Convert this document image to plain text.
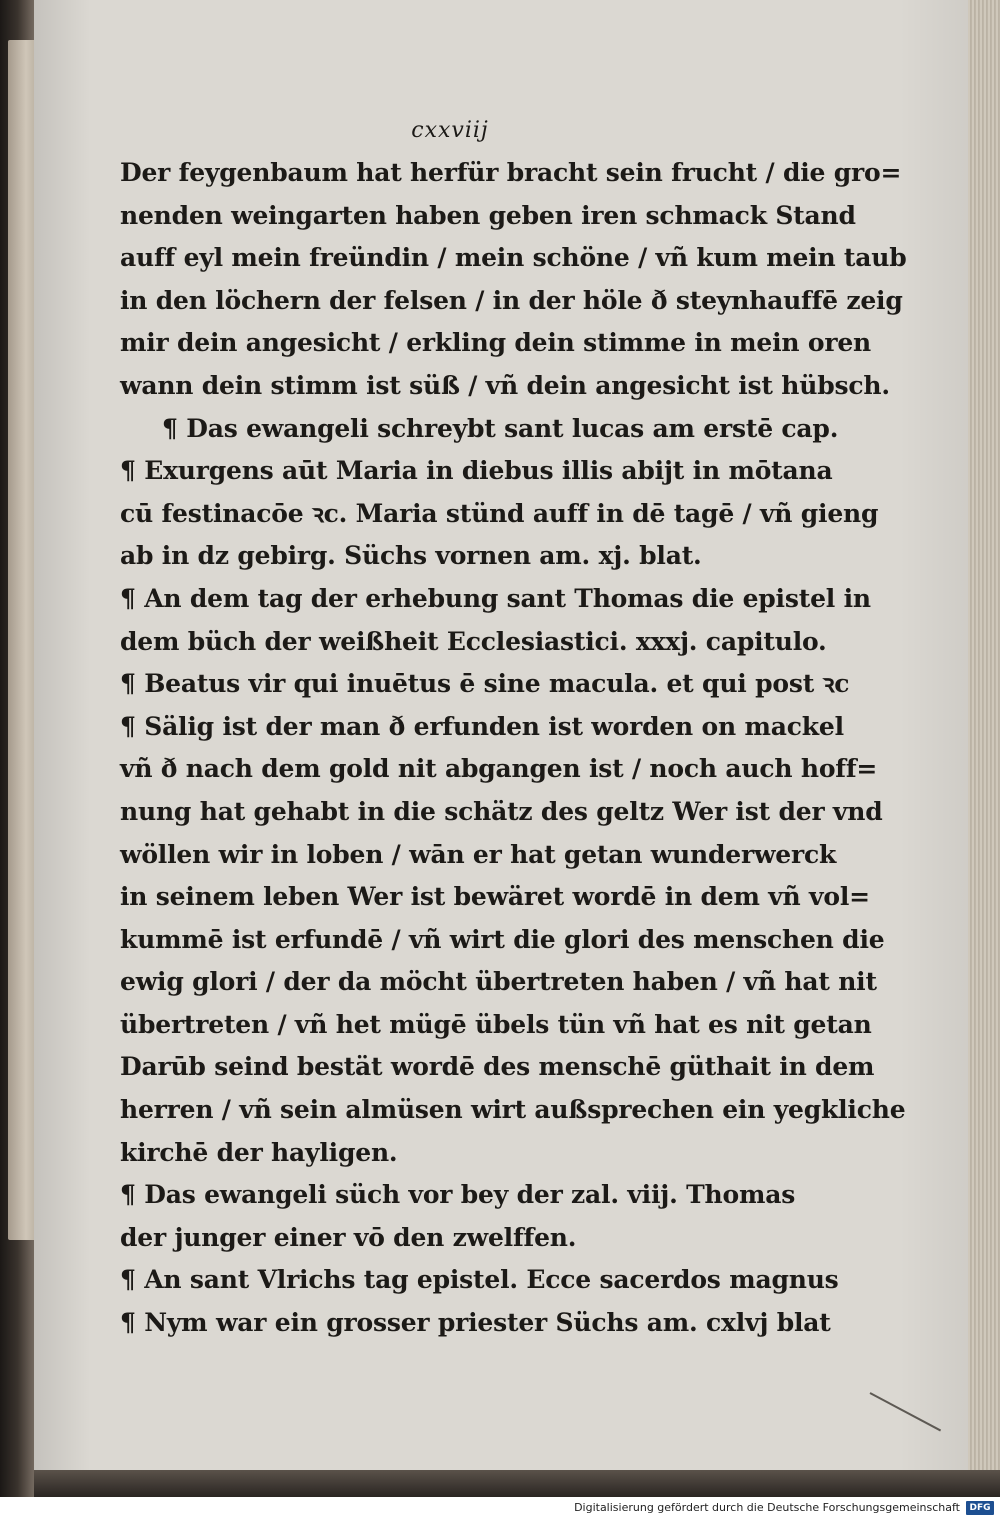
cxxviij
Der feygenbaum hat herfür bracht sein frucht / die gro=
nenden weingarten haben geben iren schmack Stand
auff eyl mein freündin / mein schöne / vñ kum mein taub
in den löchern der felsen / in der höle ð steynhauffē zeig
mir dein angesicht / erkling dein stimme in mein oren
wann dein stimm ist süß / vñ dein angesicht ist hübsch.
¶ Das ewangeli schreybt sant lucas am erstē cap.
¶ Exurgens aūt Maria in diebus illis abijt in mōtana
cū festinacōe ꝛc. Maria stünd auff in dē tagē / vñ gieng
ab in dz gebirg. Süchs vornen am. xj. blat.
¶ An dem tag der erhebung sant Thomas die epistel in
dem büch der weißheit Ecclesiastici. xxxj. capitulo.
¶ Beatus vir qui inuētus ē sine macula. et qui post ꝛc
¶ Sälig ist der man ð erfunden ist worden on mackel
vñ ð nach dem gold nit abgangen ist / noch auch hoff=
nung hat gehabt in die schätz des geltz Wer ist der vnd
wöllen wir in loben / wān er hat getan wunderwerck
in seinem leben Wer ist bewäret wordē in dem vñ vol=
kummē ist erfundē / vñ wirt die glori des menschen die
ewig glori / der da möcht übertreten haben / vñ hat nit
übertreten / vñ het mügē übels tün vñ hat es nit getan
Darūb seind bestät wordē des menschē güthait in dem
herren / vñ sein almüsen wirt außsprechen ein yegkliche
kirchē der hayligen.
¶ Das ewangeli süch vor bey der zal. viij. Thomas
der junger einer vō den zwelffen.
¶ An sant Vlrichs tag epistel. Ecce sacerdos magnus
¶ Nym war ein grosser priester Süchs am. cxlvj blat
Digitalisierung gefördert durch die Deutsche Forschungsgemeinschaft	DFG
